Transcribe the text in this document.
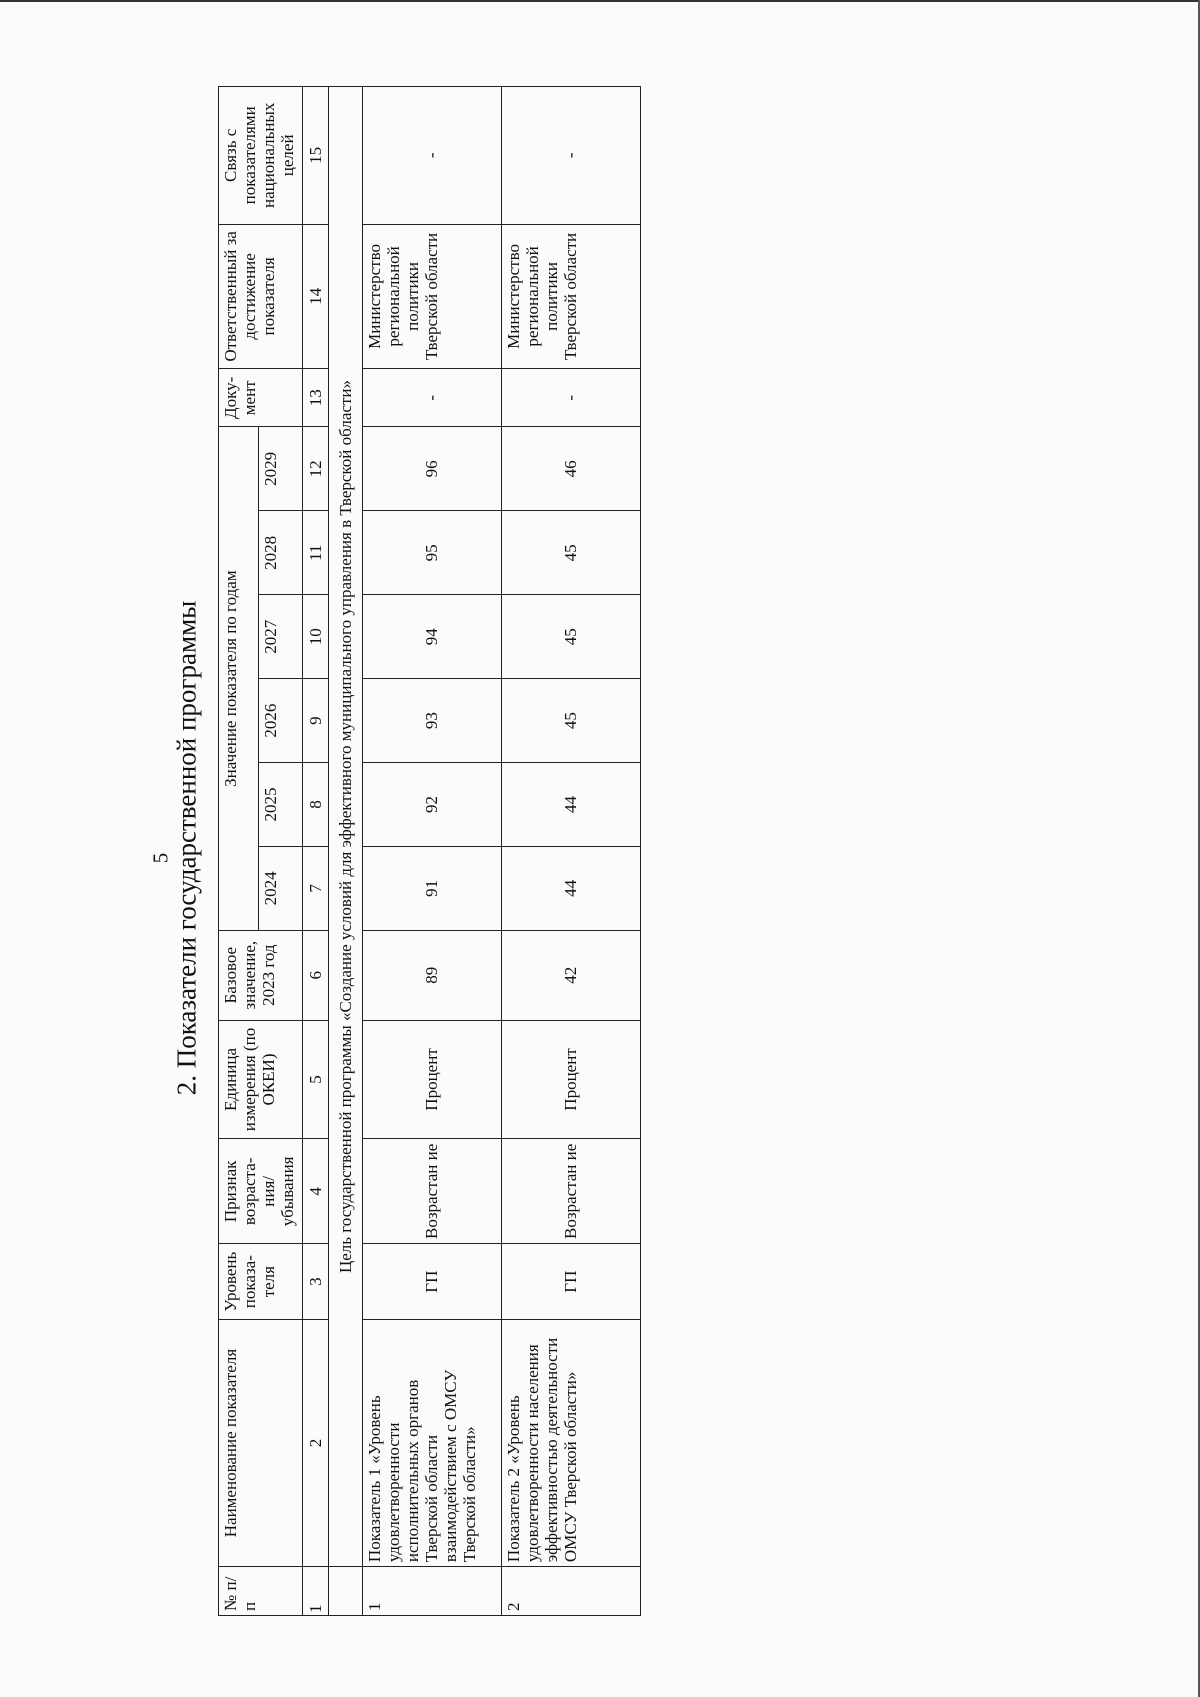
5 2. Показатели государственной программы
№ п/п	Наименование показателя	Уровень показа-теля	Признак возраста-ния/ убывания	Единица измерения (по ОКЕИ)	Базовое значение, 2023 год	Значение показателя по годам						Доку-мент	Ответственный за достижение показателя	Связь с показателями национальных целей
						2024	2025	2026	2027	2028	2029			
1	2	3	4	5	6	7	8	9	10	11	12	13	14	15
	Цель государственной программы «Создание условий для эффективного муниципального управления в Тверской области»													
1	Показатель 1 «Уровень удовлетворенности исполнительных органов Тверской области взаимодействием с ОМСУ Тверской области»	ГП	Возрастан ие	Процент	89	91	92	93	94	95	96	-	Министерство региональной политики Тверской области	-
2	Показатель 2 «Уровень удовлетворенности населения эффективностью деятельности ОМСУ Тверской области»	ГП	Возрастан ие	Процент	42	44	44	45	45	45	46	-	Министерство региональной политики Тверской области	-
